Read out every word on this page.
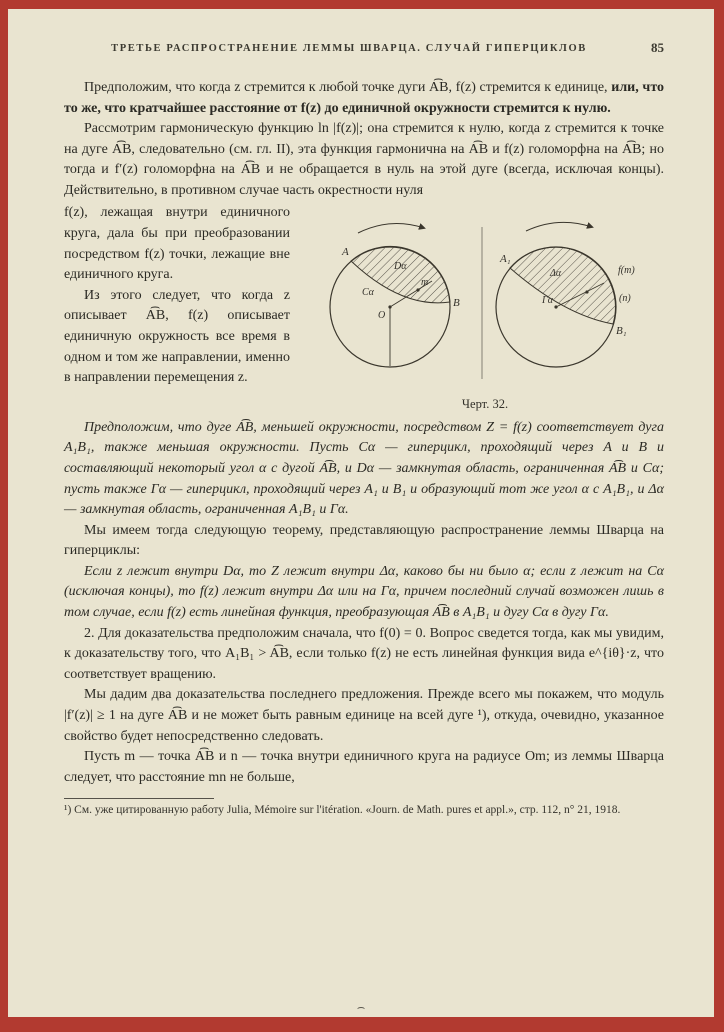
ТРЕТЬЕ РАСПРОСТРАНЕНИЕ ЛЕММЫ ШВАРЦА. СЛУЧАЙ ГИПЕРЦИКЛОВ	85

Предположим, что когда z стремится к любой точке дуги A͡B, f(z) стремится к единице, или, что то же, что кратчайшее расстояние от f(z) до единичной окружности стремится к нулю.

Рассмотрим гармоническую функцию ln |f(z)|; она стремится к нулю, когда z стремится к точке на дуге A͡B, следовательно (см. гл. II), эта функция гармонична на A͡B и f(z) голоморфна на A͡B; но тогда и f′(z) голоморфна на A͡B и не обращается в нуль на этой дуге (всегда, исключая концы). Действительно, в противном случае часть окрестности нуля

f(z), лежащая внутри единичного круга, дала бы при преобразовании посредством f(z) точки, лежащие вне единичного круга.

Из этого следует, что когда z описывает A͡B, f(z) описывает единичную окружность все время в одном и том же направлении, именно в направлении перемещения z.

A
Dα
Cα
m
B
O
A₁
Δα
Γα
f(m)
(n)
B₁
Черт. 32.

Предположим, что дуге A͡B, меньшей окружности, посредством Z = f(z) соответствует дуга A₁B₁, также меньшая окружности. Пусть Cα — гиперцикл, проходящий через A и B и составляющий некоторый угол α с дугой A͡B, и Dα — замкнутая область, ограниченная A͡B и Cα; пусть также Γα — гиперцикл, проходящий через A₁ и B₁ и образующий тот же угол α с A₁B₁, и Δα — замкнутая область, ограниченная A₁B₁ и Γα.

Мы имеем тогда следующую теорему, представляющую распространение леммы Шварца на гиперциклы:

Если z лежит внутри Dα, то Z лежит внутри Δα, каково бы ни было α; если z лежит на Cα (исключая концы), то f(z) лежит внутри Δα или на Γα, причем последний случай возможен лишь в том случае, если f(z) есть линейная функция, преобразующая A͡B в A₁B₁ и дугу Cα в дугу Γα.

2. Для доказательства предположим сначала, что f(0) = 0. Вопрос сведется тогда, как мы увидим, к доказательству того, что A₁B₁ > A͡B, если только f(z) не есть линейная функция вида e^{iθ}·z, что соответствует вращению.

Мы дадим два доказательства последнего предложения. Прежде всего мы покажем, что модуль |f′(z)| ≥ 1 на дуге A͡B и не может быть равным единице на всей дуге ¹), откуда, очевидно, указанное свойство будет непосредственно следовать.

Пусть m — точка A͡B и n — точка внутри единичного круга на радиусе Om; из леммы Шварца следует, что расстояние mn не больше,

¹) См. уже цитированную работу Julia, Mémoire sur l'itération. «Journ. de Math. pures et appl.», стр. 112, n° 21, 1918.

⌢
